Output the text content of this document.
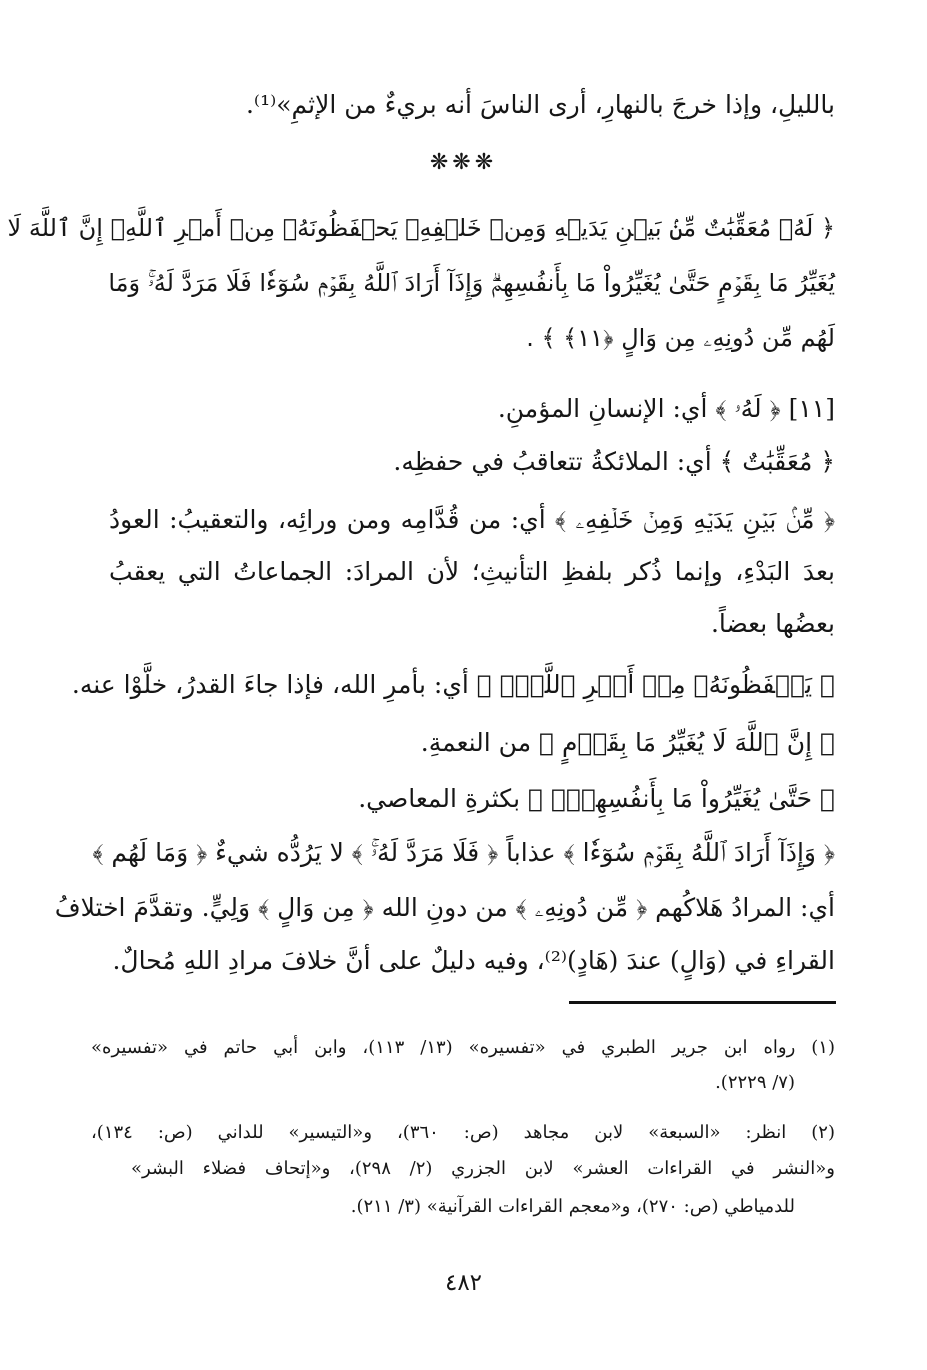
بالليلِ، وإذا خرجَ بالنهارِ، أرى الناسَ أنه بريءٌ من الإثمِ»⁽¹⁾.
❋❋❋
﴿ لَهُۥ مُعَقِّبَٰتٌ مِّنۢ بَيۡنِ يَدَيۡهِ وَمِنۡ خَلۡفِهِۦ يَحۡفَظُونَهُۥ مِنۡ أَمۡرِ ٱللَّهِۗ إِنَّ ٱللَّهَ لَا
يُغَيِّرُ مَا بِقَوۡمٍ حَتَّىٰ يُغَيِّرُواْ مَا بِأَنفُسِهِمۡۗ وَإِذَآ أَرَادَ ٱللَّهُ بِقَوۡمٖ سُوٓءٗا فَلَا مَرَدَّ لَهُۥۚ وَمَا
لَهُم مِّن دُونِهِۦ مِن وَالٍ ﴿١١﴾ ﴾ .
[١١] ﴿ لَهُۥ ﴾ أي: الإنسانِ المؤمنِ.
﴿ مُعَقِّبَٰتٌ ﴾ أي: الملائكةُ تتعاقبُ في حفظِه.
﴿ مِّنۢ بَيۡنِ يَدَيۡهِ وَمِنۡ خَلۡفِهِۦ ﴾ أي: من قُدَّامِه ومن ورائِه، والتعقيبُ: العودُ
بعدَ البَدْءِ، وإنما ذُكر بلفظِ التأنيثِ؛ لأن المرادَ: الجماعاتُ التي يعقبُ
بعضُها بعضاً.
﴿ يَحۡفَظُونَهُۥ مِنۡ أَمۡرِ ٱللَّهِۗ ﴾ أي: بأمرِ الله، فإذا جاءَ القدرُ، خلَّوْا عنه.
﴿ إِنَّ ٱللَّهَ لَا يُغَيِّرُ مَا بِقَوۡمٍ ﴾ من النعمةِ.
﴿ حَتَّىٰ يُغَيِّرُواْ مَا بِأَنفُسِهِمۡۗ ﴾ بكثرةِ المعاصي.
﴿ وَإِذَآ أَرَادَ ٱللَّهُ بِقَوۡمٖ سُوٓءٗا ﴾ عذاباً ﴿ فَلَا مَرَدَّ لَهُۥۚ ﴾ لا يَرُدُّه شيءٌ ﴿ وَمَا لَهُم ﴾
أي: المرادُ هَلاكُهم ﴿ مِّن دُونِهِۦ ﴾ من دونِ الله ﴿ مِن وَالٍ ﴾ وَلِيٍّ. وتقدَّمَ اختلافُ
القراءِ في (وَالٍ) عندَ (هَادٍ)⁽²⁾، وفيه دليلٌ على أنَّ خلافَ مرادِ اللهِ مُحالٌ.
(١) رواه ابن جرير الطبري في «تفسيره» (١٣/ ١١٣)، وابن أبي حاتم في «تفسيره»
(٧/ ٢٢٢٩).
(٢) انظر: «السبعة» لابن مجاهد (ص: ٣٦٠)، و«التيسير» للداني (ص: ١٣٤)،
و«النشر في القراءات العشر» لابن الجزري (٢/ ٢٩٨)، و«إتحاف فضلاء البشر»
للدمياطي (ص: ٢٧٠)، و«معجم القراءات القرآنية» (٣/ ٢١١).
٤٨٢
